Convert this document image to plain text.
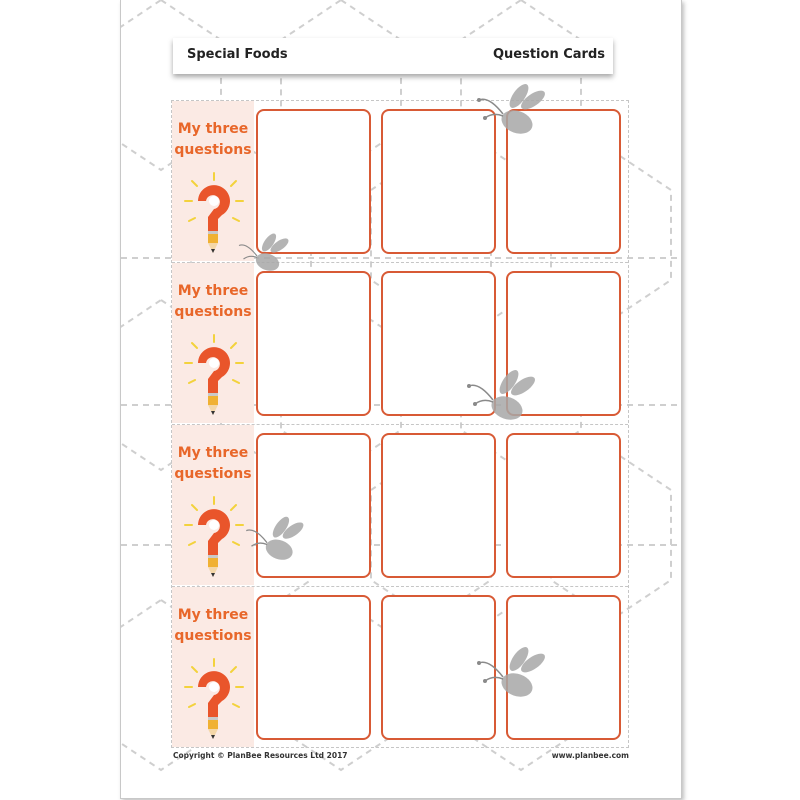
Special Foods	Question Cards
My three
questions
My three
questions
My three
questions
My three
questions
Copyright © PlanBee Resources Ltd 2017	www.planbee.com
